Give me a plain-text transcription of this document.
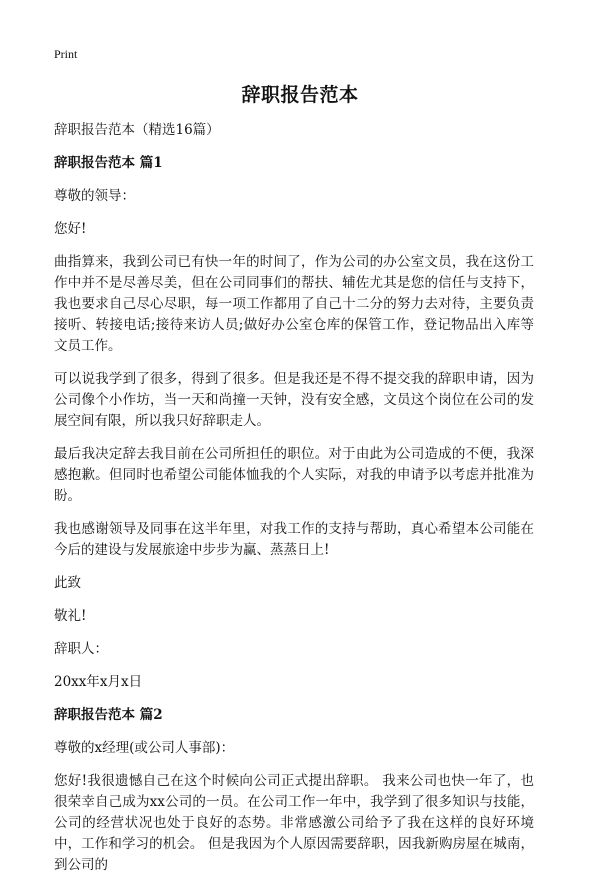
Print
辞职报告范本

辞职报告范本（精选16篇）

辞职报告范本 篇1

尊敬的领导：

您好!

曲指算来，我到公司已有快一年的时间了，作为公司的办公室文员，我在这份工作中并不是尽善尽美，但在公司同事们的帮扶、辅佐尤其是您的信任与支持下，我也要求自己尽心尽职，每一项工作都用了自己十二分的努力去对待，主要负责接听、转接电话;接待来访人员;做好办公室仓库的保管工作，登记物品出入库等文员工作。

可以说我学到了很多，得到了很多。但是我还是不得不提交我的辞职申请，因为公司像个小作坊，当一天和尚撞一天钟，没有安全感，文员这个岗位在公司的发展空间有限，所以我只好辞职走人。

最后我决定辞去我目前在公司所担任的职位。对于由此为公司造成的不便，我深感抱歉。但同时也希望公司能体恤我的个人实际，对我的申请予以考虑并批准为盼。

我也感谢领导及同事在这半年里，对我工作的支持与帮助，真心希望本公司能在今后的建设与发展旅途中步步为赢、蒸蒸日上!

此致

敬礼!

辞职人：

20xx年x月x日

辞职报告范本 篇2

尊敬的x经理(或公司人事部)：

您好!我很遗憾自己在这个时候向公司正式提出辞职。 我来公司也快一年了，也很荣幸自己成为xx公司的一员。在公司工作一年中，我学到了很多知识与技能，公司的经营状况也处于良好的态势。非常感激公司给予了我在这样的良好环境中，工作和学习的机会。 但是我因为个人原因需要辞职，因我新购房屋在城南，到公司的
